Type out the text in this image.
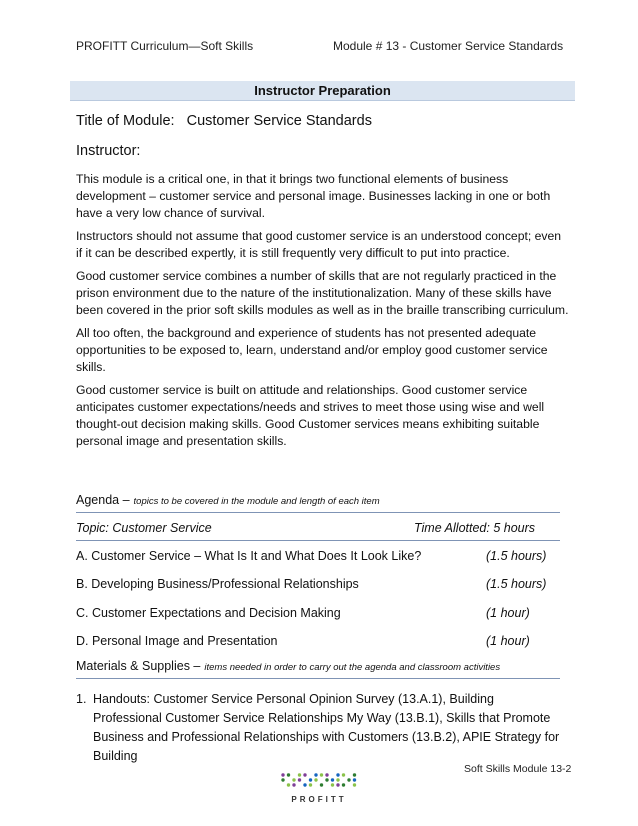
PROFITT Curriculum—Soft Skills	Module # 13 - Customer Service Standards
Instructor Preparation
Title of Module: Customer Service Standards
Instructor:

This module is a critical one, in that it brings two functional elements of business development – customer service and personal image. Businesses lacking in one or both have a very low chance of survival.

Instructors should not assume that good customer service is an understood concept; even if it can be described expertly, it is still frequently very difficult to put into practice.

Good customer service combines a number of skills that are not regularly practiced in the prison environment due to the nature of the institutionalization. Many of these skills have been covered in the prior soft skills modules as well as in the braille transcribing curriculum.

All too often, the background and experience of students has not presented adequate opportunities to be exposed to, learn, understand and/or employ good customer service skills.

Good customer service is built on attitude and relationships. Good customer service anticipates customer expectations/needs and strives to meet those using wise and well thought-out decision making skills. Good Customer services means exhibiting suitable personal image and presentation skills.

Agenda – topics to be covered in the module and length of each item
Topic: Customer Service	Time Allotted: 5 hours
A. Customer Service – What Is It and What Does It Look Like?	(1.5 hours)
B. Developing Business/Professional Relationships	(1.5 hours)
C. Customer Expectations and Decision Making	(1 hour)
D. Personal Image and Presentation	(1 hour)
Materials & Supplies – items needed in order to carry out the agenda and classroom activities
1. Handouts: Customer Service Personal Opinion Survey (13.A.1), Building Professional Customer Service Relationships My Way (13.B.1), Skills that Promote Business and Professional Relationships with Customers (13.B.2), APIE Strategy for Building
Soft Skills Module 13-2
PROFITT
